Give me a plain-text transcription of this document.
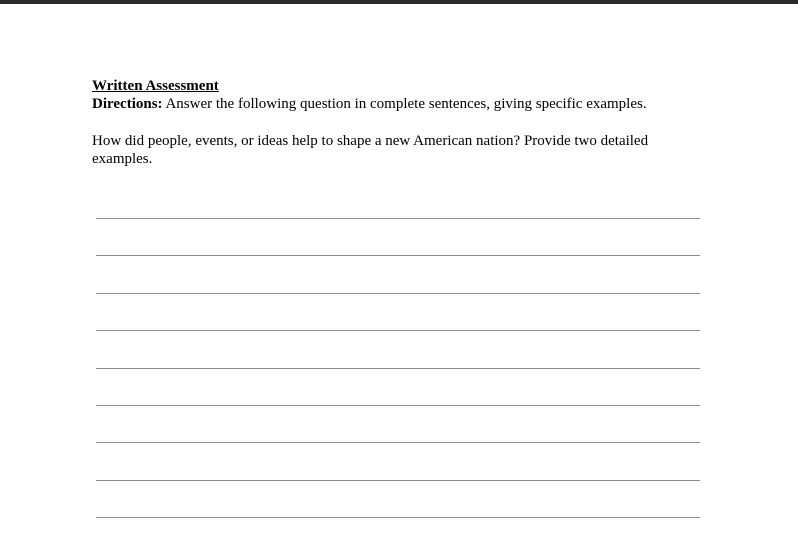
Written Assessment
Directions: Answer the following question in complete sentences, giving specific examples.
How did people, events, or ideas help to shape a new American nation? Provide two detailed examples.
